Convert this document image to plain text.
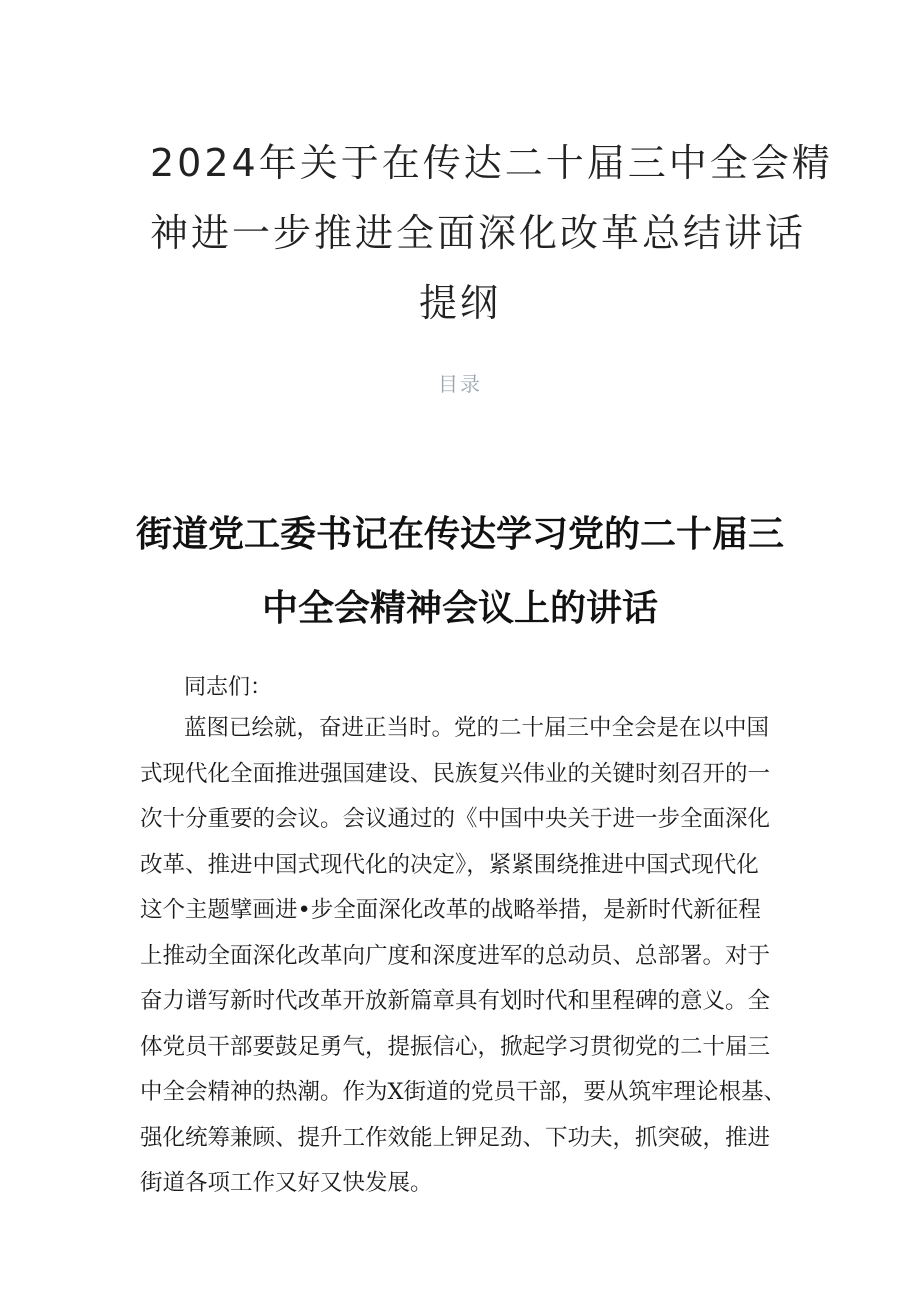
2024年关于在传达二十届三中全会精
神进一步推进全面深化改革总结讲话
提纲
目录
街道党工委书记在传达学习党的二十届三
中全会精神会议上的讲话
同志们：
蓝图已绘就，奋进正当时。党的二十届三中全会是在以中国
式现代化全面推进强国建设、民族复兴伟业的关键时刻召开的一
次十分重要的会议。会议通过的《中国中央关于进一步全面深化
改革、推进中国式现代化的决定》，紧紧围绕推进中国式现代化
这个主题擘画进•步全面深化改革的战略举措，是新时代新征程
上推动全面深化改革向广度和深度进军的总动员、总部署。对于
奋力谱写新时代改革开放新篇章具有划时代和里程碑的意义。全
体党员干部要鼓足勇气，提振信心，掀起学习贯彻党的二十届三
中全会精神的热潮。作为X街道的党员干部，要从筑牢理论根基、
强化统筹兼顾、提升工作效能上钾足劲、下功夫，抓突破，推进
街道各项工作又好又快发展。
